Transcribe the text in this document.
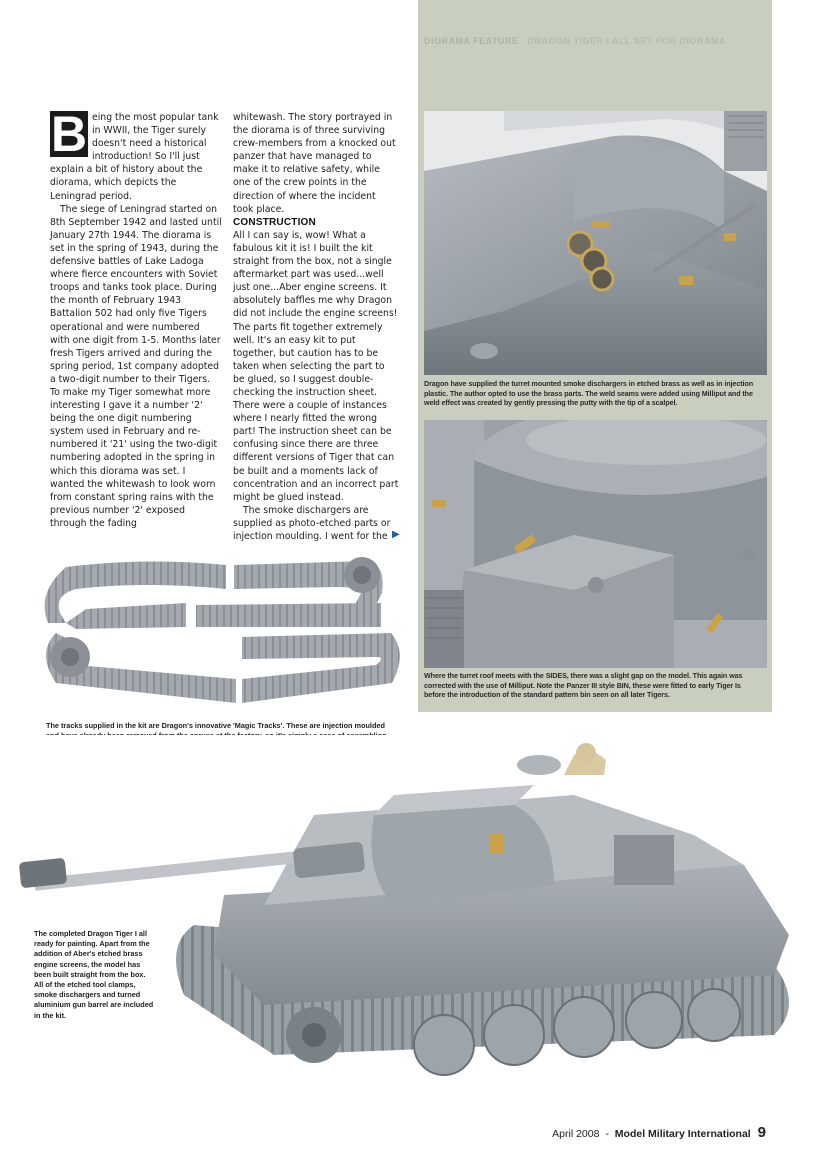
DIORAMA FEATURE DRAGON TIGER I ALL SET FOR DIORAMA
Dragon have supplied the turret mounted smoke dischargers in etched brass as well as in injection plastic. The author opted to use the brass parts. The weld seams were added using Milliput and the weld effect was created by gently pressing the putty with the tip of a scalpel.
Where the turret roof meets with the SIDES, there was a slight gap on the model. This again was corrected with the use of Milliput. Note the Panzer III style BIN, these were fitted to early Tiger Is before the introduction of the standard pattern bin seen on all later Tigers.
B eing the most popular tank in WWII, the Tiger surely doesn't need a historical introduction! So I'll just explain a bit of history about the diorama, which depicts the Leningrad period.

The siege of Leningrad started on 8th September 1942 and lasted until January 27th 1944. The diorama is set in the spring of 1943, during the defensive battles of Lake Ladoga where fierce encounters with Soviet troops and tanks took place. During the month of February 1943 Battalion 502 had only five Tigers operational and were numbered with one digit from 1-5. Months later fresh Tigers arrived and during the spring period, 1st company adopted a two-digit number to their Tigers. To make my Tiger somewhat more interesting I gave it a number '2' being the one digit numbering system used in February and re-numbered it '21' using the two-digit numbering adopted in the spring in which this diorama was set. I wanted the whitewash to look worn from constant spring rains with the previous number '2' exposed through the fading

whitewash. The story portrayed in the diorama is of three surviving crew-members from a knocked out panzer that have managed to make it to relative safety, while one of the crew points in the direction of where the incident took place.

CONSTRUCTION

All I can say is, wow! What a fabulous kit it is! I built the kit straight from the box, not a single aftermarket part was used...well just one...Aber engine screens. It absolutely baffles me why Dragon did not include the engine screens! The parts fit together extremely well. It's an easy kit to put together, but caution has to be taken when selecting the part to be glued, so I suggest double-checking the instruction sheet. There were a couple of instances where I nearly fitted the wrong part! The instruction sheet can be confusing since there are three different versions of Tiger that can be built and a moments lack of concentration and an incorrect part might be glued instead.

The smoke dischargers are supplied as photo-etched parts or injection moulding. I went for the ▶
The tracks supplied in the kit are Dragon's innovative 'Magic Tracks'. These are injection moulded
The completed Dragon Tiger I all ready for painting. Apart from the addition of Aber's etched brass engine screens, the model has been built straight from the box. All of the etched tool clamps, smoke dischargers and turned aluminium gun barrel are included in the kit.
April 2008 - Model Military International 9
